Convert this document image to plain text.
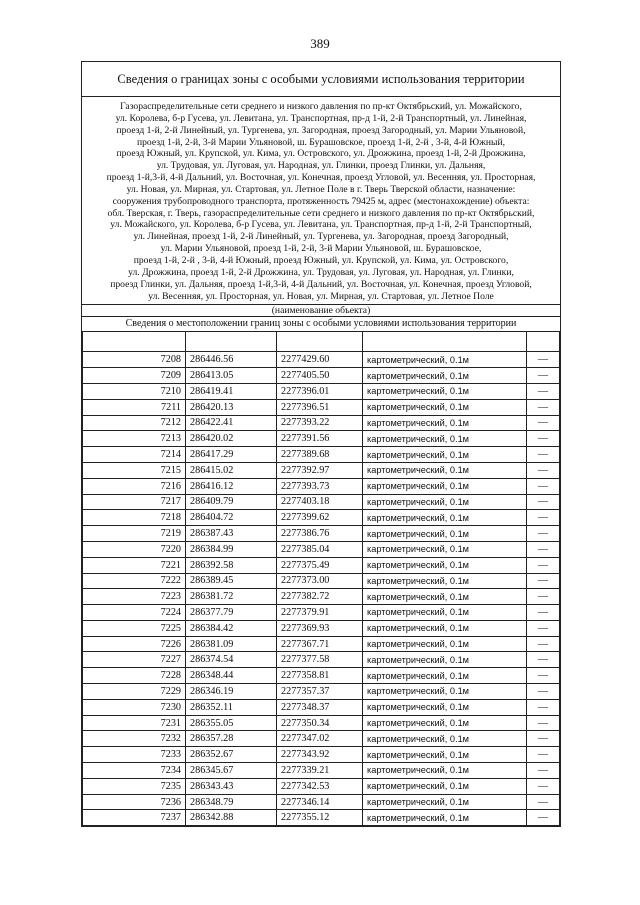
389
Сведения о границах зоны с особыми условиями использования территории
Газораспределительные сети среднего и низкого давления по пр-кт Октябрьский, ул. Можайского,
ул. Королева, б-р Гусева, ул. Левитана, ул. Транспортная, пр-д 1-й, 2-й Транспортный, ул. Линейная,
проезд 1-й, 2-й Линейный, ул. Тургенева, ул. Загородная, проезд Загородный, ул. Марии Ульяновой,
проезд 1-й, 2-й, 3-й Марии Ульяновой, ш. Бурашовское, проезд 1-й, 2-й , 3-й, 4-й Южный,
проезд Южный, ул. Крупской, ул. Кима, ул. Островского, ул. Дрожжина, проезд 1-й, 2-й Дрожжина,
ул. Трудовая, ул. Луговая, ул. Народная, ул. Глинки, проезд Глинки, ул. Дальняя,
проезд 1-й,3-й, 4-й Дальний, ул. Восточная, ул. Конечная, проезд Угловой, ул. Весенняя, ул. Просторная,
ул. Новая, ул. Мирная, ул. Стартовая, ул. Летное Поле в г. Тверь Тверской области, назначение:
сооружения трубопроводного транспорта, протяженность 79425 м, адрес (местонахождение) объекта:
обл. Тверская, г. Тверь, газораспределительные сети среднего и низкого давления по пр-кт Октябрьский,
ул. Можайского, ул. Королева, б-р Гусева, ул. Левитана, ул. Транспортная, пр-д 1-й, 2-й Транспортный,
ул. Линейная, проезд 1-й, 2-й Линейный, ул. Тургенева, ул. Загородная, проезд Загородный,
ул. Марии Ульяновой, проезд 1-й, 2-й, 3-й Марии Ульяновой, ш. Бурашовское,
проезд 1-й, 2-й , 3-й, 4-й Южный, проезд Южный, ул. Крупской, ул. Кима, ул. Островского,
ул. Дрожжина, проезд 1-й, 2-й Дрожжина, ул. Трудовая, ул. Луговая, ул. Народная, ул. Глинки,
проезд Глинки, ул. Дальняя, проезд 1-й,3-й, 4-й Дальний, ул. Восточная, ул. Конечная, проезд Угловой,
ул. Весенняя, ул. Просторная, ул. Новая, ул. Мирная, ул. Стартовая, ул. Летное Поле
(наименование объекта)
Сведения о местоположении границ зоны с особыми условиями использования территории

7208	286446.56	2277429.60	картометрический, 0.1м	—
7209	286413.05	2277405.50	картометрический, 0.1м	—
7210	286419.41	2277396.01	картометрический, 0.1м	—
7211	286420.13	2277396.51	картометрический, 0.1м	—
7212	286422.41	2277393.22	картометрический, 0.1м	—
7213	286420.02	2277391.56	картометрический, 0.1м	—
7214	286417.29	2277389.68	картометрический, 0.1м	—
7215	286415.02	2277392.97	картометрический, 0.1м	—
7216	286416.12	2277393.73	картометрический, 0.1м	—
7217	286409.79	2277403.18	картометрический, 0.1м	—
7218	286404.72	2277399.62	картометрический, 0.1м	—
7219	286387.43	2277386.76	картометрический, 0.1м	—
7220	286384.99	2277385.04	картометрический, 0.1м	—
7221	286392.58	2277375.49	картометрический, 0.1м	—
7222	286389.45	2277373.00	картометрический, 0.1м	—
7223	286381.72	2277382.72	картометрический, 0.1м	—
7224	286377.79	2277379.91	картометрический, 0.1м	—
7225	286384.42	2277369.93	картометрический, 0.1м	—
7226	286381.09	2277367.71	картометрический, 0.1м	—
7227	286374.54	2277377.58	картометрический, 0.1м	—
7228	286348.44	2277358.81	картометрический, 0.1м	—
7229	286346.19	2277357.37	картометрический, 0.1м	—
7230	286352.11	2277348.37	картометрический, 0.1м	—
7231	286355.05	2277350.34	картометрический, 0.1м	—
7232	286357.28	2277347.02	картометрический, 0.1м	—
7233	286352.67	2277343.92	картометрический, 0.1м	—
7234	286345.67	2277339.21	картометрический, 0.1м	—
7235	286343.43	2277342.53	картометрический, 0.1м	—
7236	286348.79	2277346.14	картометрический, 0.1м	—
7237	286342.88	2277355.12	картометрический, 0.1м	—
